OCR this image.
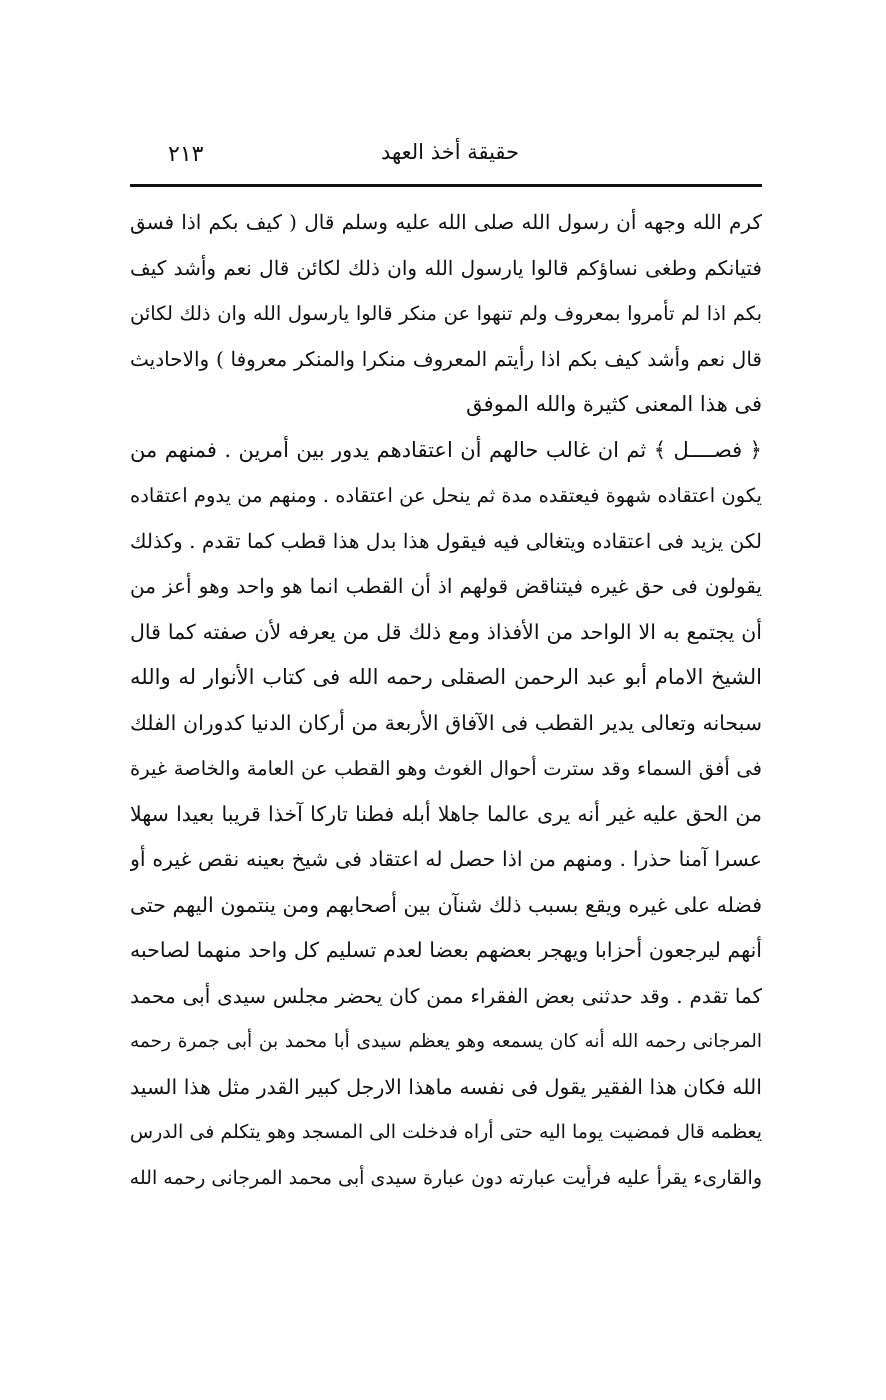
٢١٣	حقيقة أخذ العهد
كرم الله وجهه أن رسول الله صلى الله عليه وسلم قال ( كيف بكم اذا فسق
فتيانكم وطغى نساؤكم قالوا يارسول الله وان ذلك لكائن قال نعم وأشد كيف
بكم اذا لم تأمروا بمعروف ولم تنهوا عن منكر قالوا يارسول الله وان ذلك لكائن
قال نعم وأشد كيف بكم اذا رأيتم المعروف منكرا والمنكر معروفا ) والاحاديث
فى هذا المعنى كثيرة والله الموفق
﴿ فصــــل ﴾ ثم ان غالب حالهم أن اعتقادهم يدور بين أمرين . فمنهم من
يكون اعتقاده شهوة فيعتقده مدة ثم ينحل عن اعتقاده . ومنهم من يدوم اعتقاده
لكن يزيد فى اعتقاده ويتغالى فيه فيقول هذا بدل هذا قطب كما تقدم . وكذلك
يقولون فى حق غيره فيتناقض قولهم اذ أن القطب انما هو واحد وهو أعز من
أن يجتمع به الا الواحد من الأفذاذ ومع ذلك قل من يعرفه لأن صفته كما قال
الشيخ الامام أبو عبد الرحمن الصقلى رحمه الله فى كتاب الأنوار له والله
سبحانه وتعالى يدير القطب فى الآفاق الأربعة من أركان الدنيا كدوران الفلك
فى أفق السماء وقد سترت أحوال الغوث وهو القطب عن العامة والخاصة غيرة
من الحق عليه غير أنه يرى عالما جاهلا أبله فطنا تاركا آخذا قريبا بعيدا سهلا
عسرا آمنا حذرا . ومنهم من اذا حصل له اعتقاد فى شيخ بعينه نقص غيره أو
فضله على غيره ويقع بسبب ذلك شنآن بين أصحابهم ومن ينتمون اليهم حتى
أنهم ليرجعون أحزابا ويهجر بعضهم بعضا لعدم تسليم كل واحد منهما لصاحبه
كما تقدم . وقد حدثنى بعض الفقراء ممن كان يحضر مجلس سيدى أبى محمد
المرجانى رحمه الله أنه كان يسمعه وهو يعظم سيدى أبا محمد بن أبى جمرة رحمه
الله فكان هذا الفقير يقول فى نفسه ماهذا الارجل كبير القدر مثل هذا السيد
يعظمه قال فمضيت يوما اليه حتى أراه فدخلت الى المسجد وهو يتكلم فى الدرس
والقارىء يقرأ عليه فرأيت عبارته دون عبارة سيدى أبى محمد المرجانى رحمه الله
